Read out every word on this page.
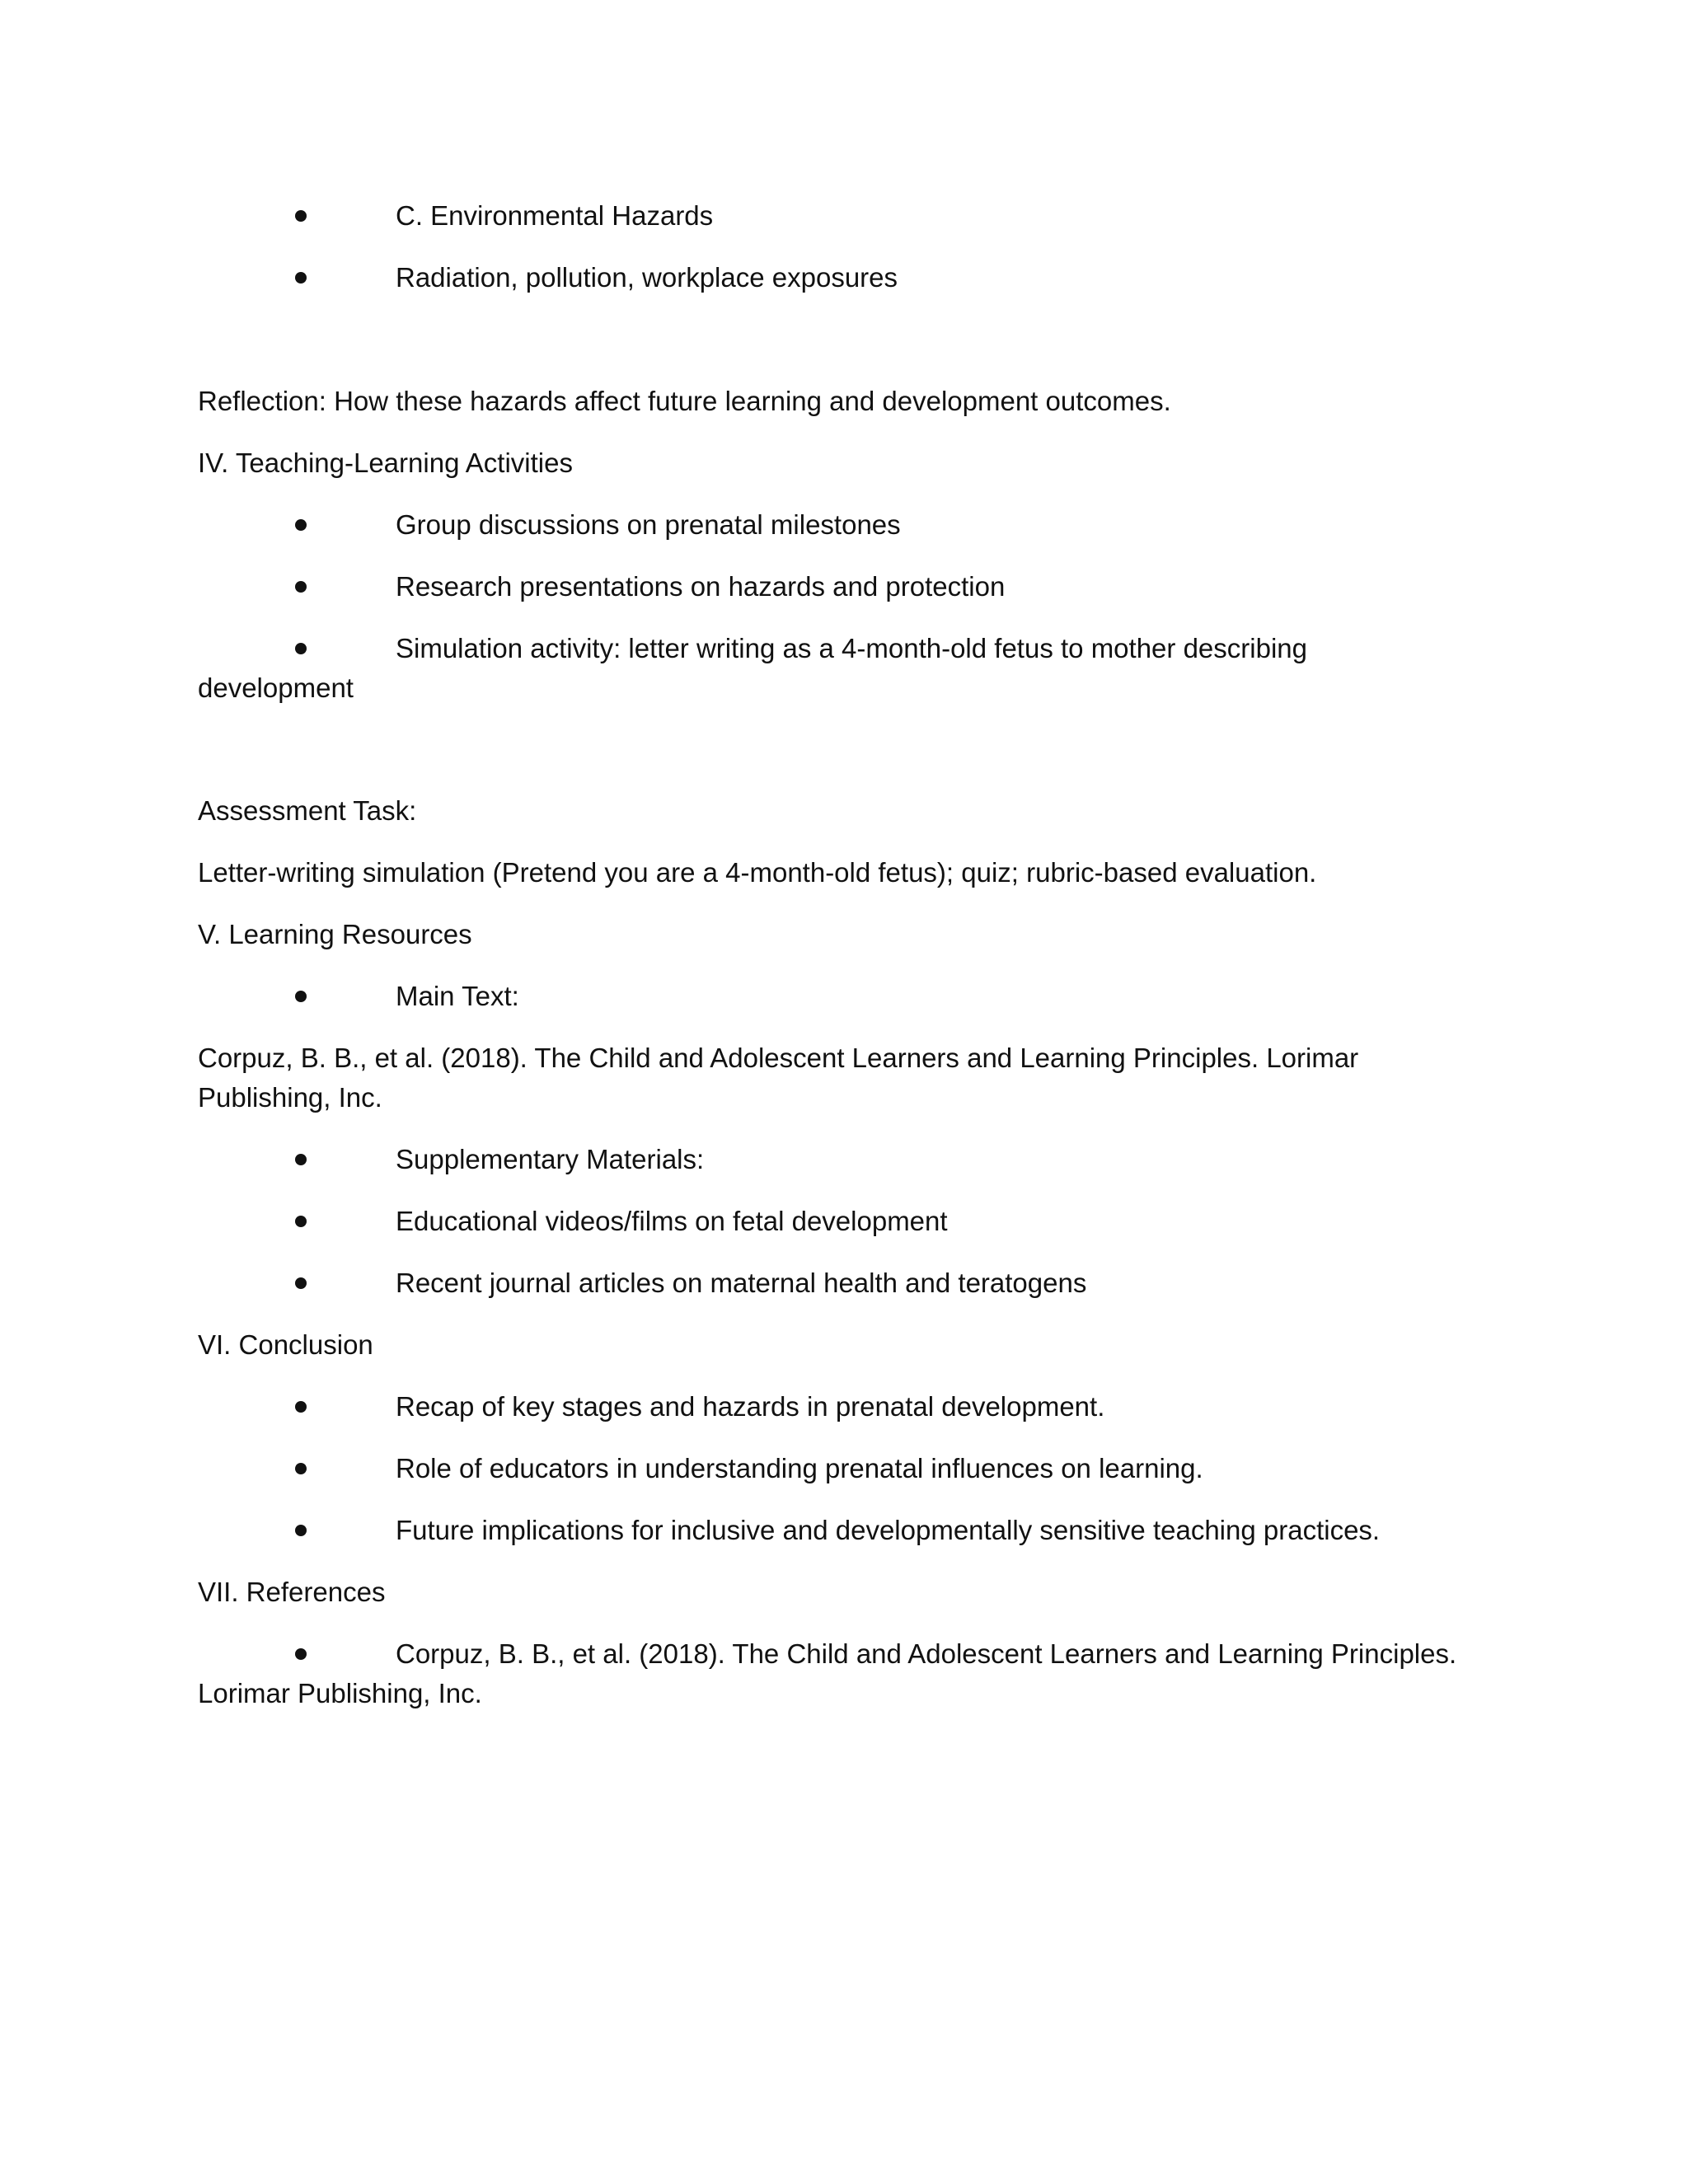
C. Environmental Hazards
Radiation, pollution, workplace exposures
Reflection: How these hazards affect future learning and development outcomes.
IV. Teaching-Learning Activities
Group discussions on prenatal milestones
Research presentations on hazards and protection
Simulation activity: letter writing as a 4-month-old fetus to mother describing
development
Assessment Task:
Letter-writing simulation (Pretend you are a 4-month-old fetus); quiz; rubric-based evaluation.
V. Learning Resources
Main Text:
Corpuz, B. B., et al. (2018). The Child and Adolescent Learners and Learning Principles. Lorimar
Publishing, Inc.
Supplementary Materials:
Educational videos/films on fetal development
Recent journal articles on maternal health and teratogens
VI. Conclusion
Recap of key stages and hazards in prenatal development.
Role of educators in understanding prenatal influences on learning.
Future implications for inclusive and developmentally sensitive teaching practices.
VII. References
Corpuz, B. B., et al. (2018). The Child and Adolescent Learners and Learning Principles.
Lorimar Publishing, Inc.
